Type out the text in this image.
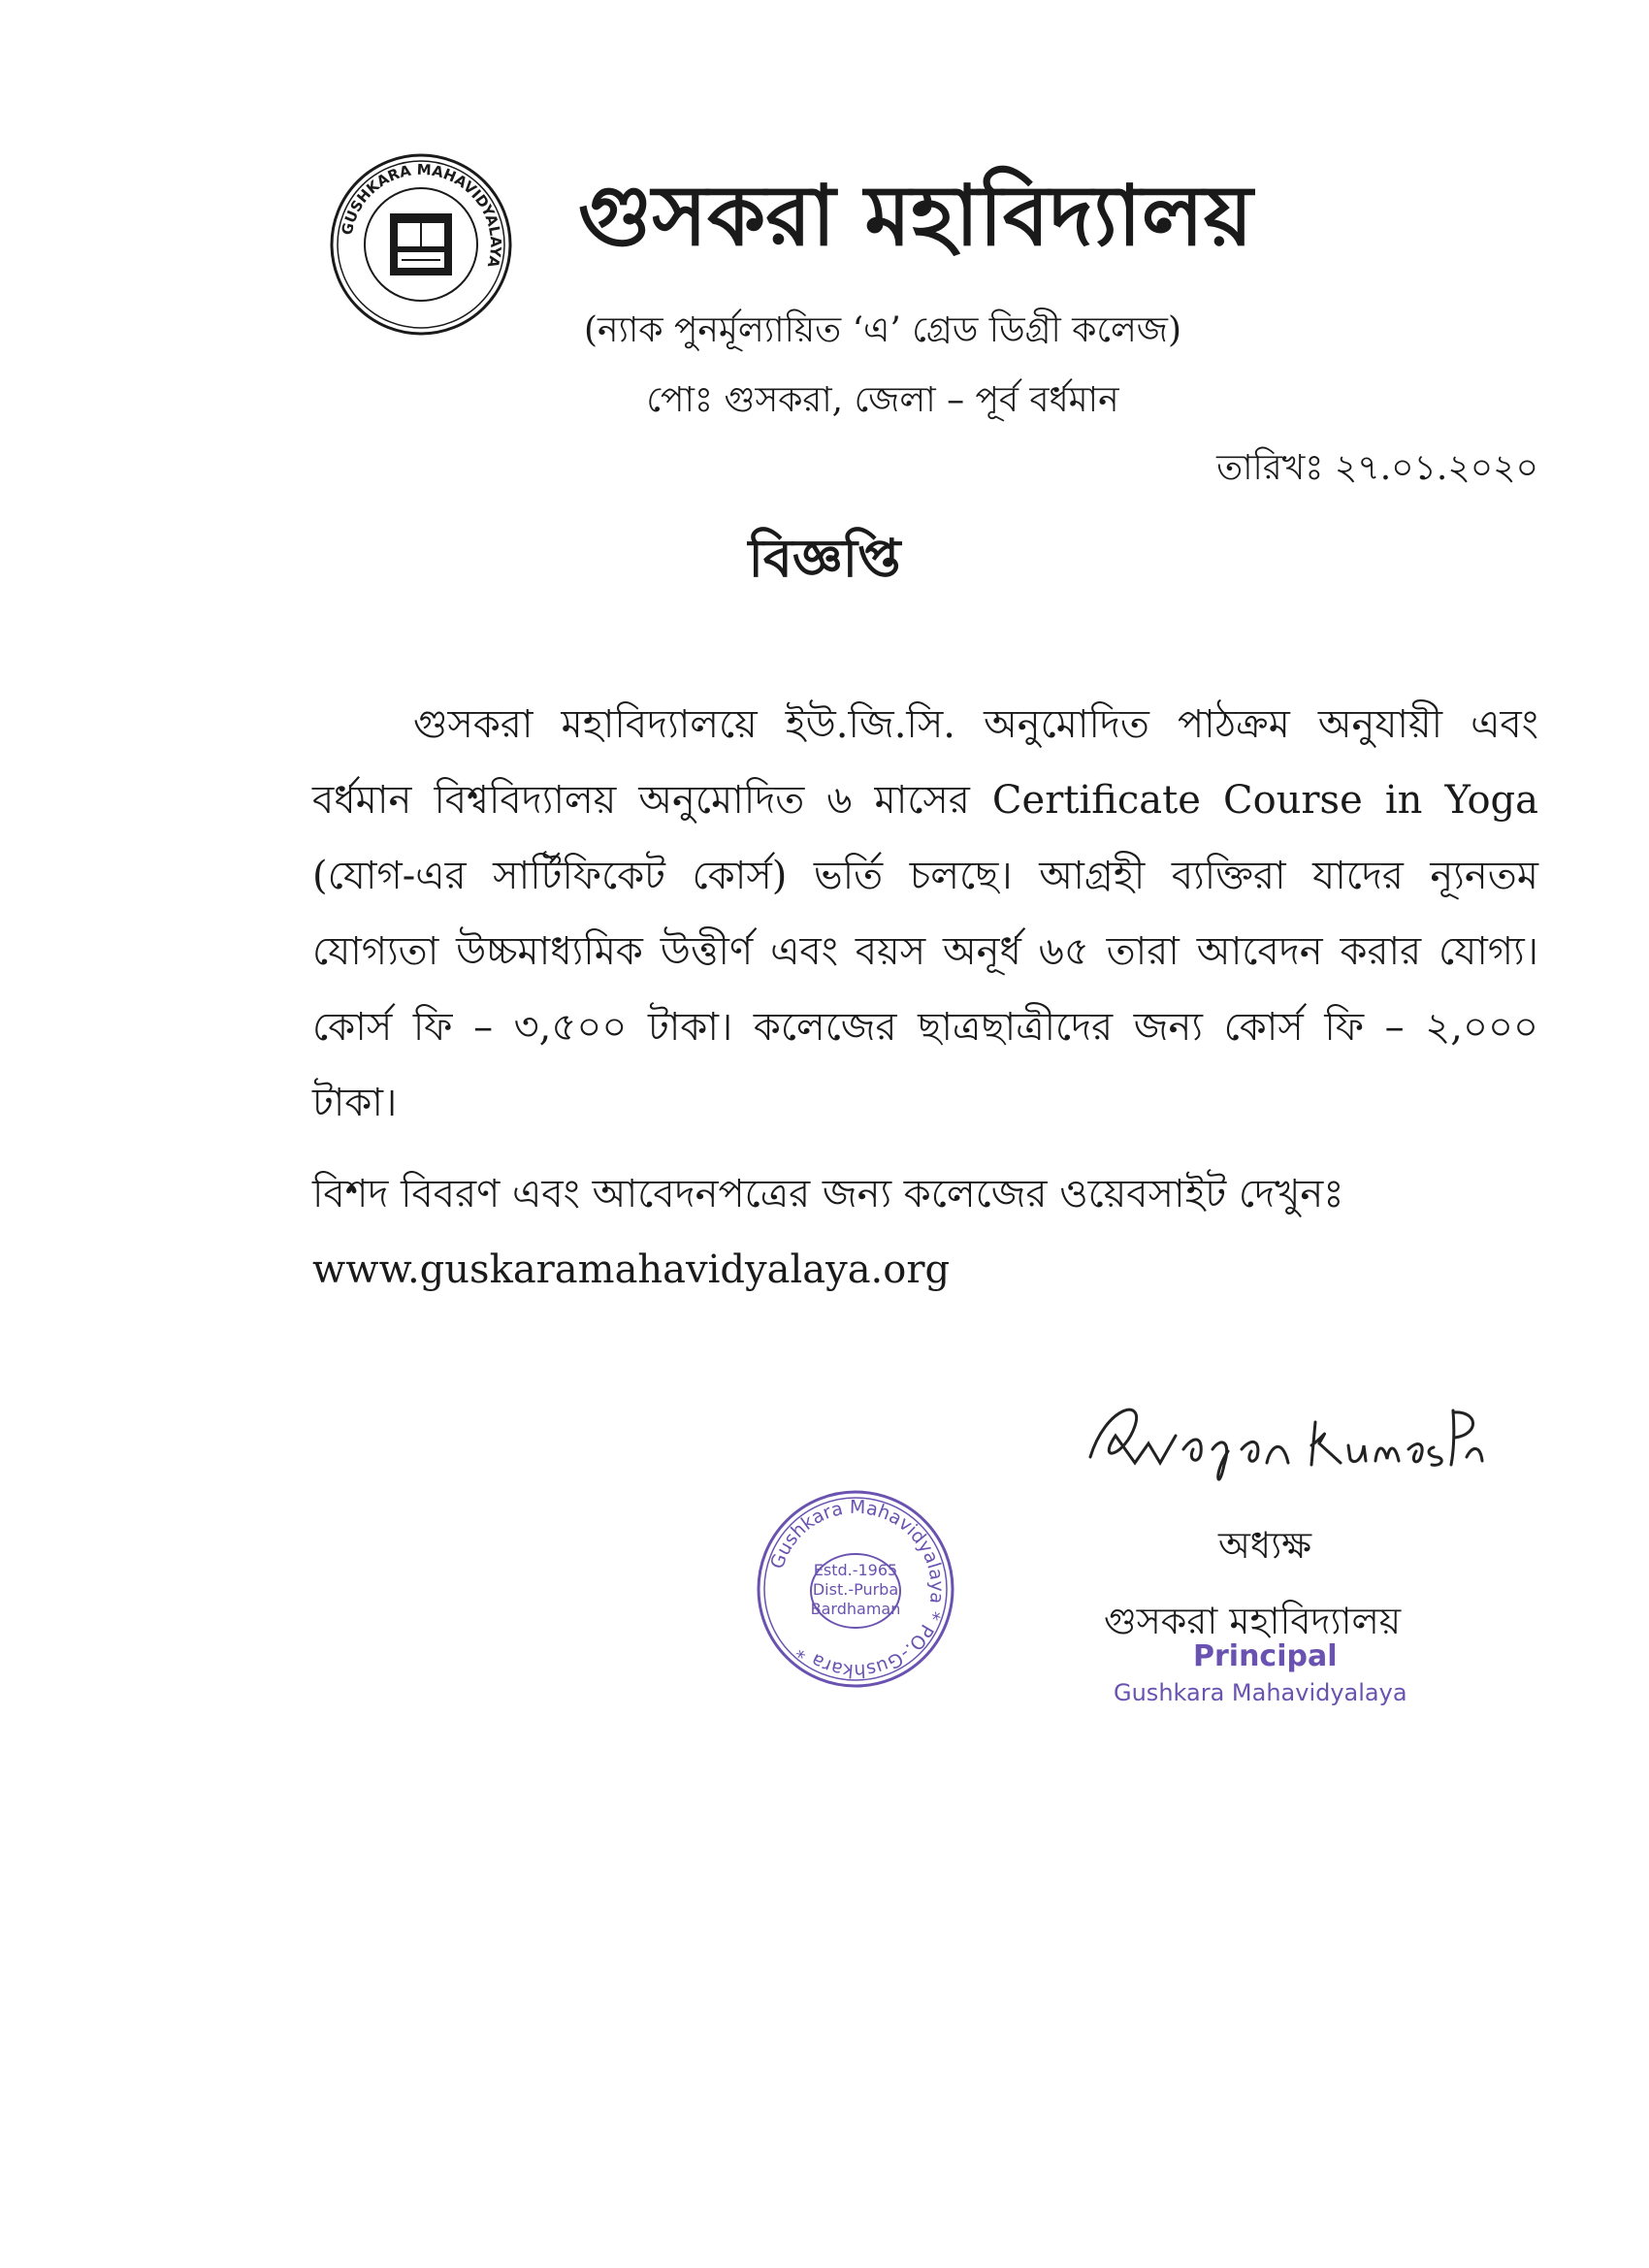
GUSHKARA MAHAVIDYALAYA গুসকরা মহাবিদ্যালয়
(ন্যাক পুনর্মূল্যায়িত ‘এ’ গ্রেড ডিগ্রী কলেজ)
পোঃ গুসকরা, জেলা – পূর্ব বর্ধমান
তারিখঃ ২৭.০১.২০২০
বিজ্ঞপ্তি
গুসকরা মহাবিদ্যালয়ে ইউ.জি.সি. অনুমোদিত পাঠক্রম অনুযায়ী এবং বর্ধমান বিশ্ববিদ্যালয় অনুমোদিত ৬ মাসের Certificate Course in Yoga (যোগ-এর সার্টিফিকেট কোর্স) ভর্তি চলছে। আগ্রহী ব্যক্তিরা যাদের ন্যূনতম যোগ্যতা উচ্চমাধ্যমিক উত্তীর্ণ এবং বয়স অনূর্ধ ৬৫ তারা আবেদন করার যোগ্য। কোর্স ফি – ৩,৫০০ টাকা। কলেজের ছাত্রছাত্রীদের জন্য কোর্স ফি – ২,০০০ টাকা।
বিশদ বিবরণ এবং আবেদনপত্রের জন্য কলেজের ওয়েবসাইট দেখুনঃ
www.guskaramahavidyalaya.org
অধ্যক্ষ
গুসকরা মহাবিদ্যালয়
Principal
Gushkara Mahavidyalaya
Gushkara Mahavidyalaya * PO.-Gushkara *
Estd.-1965
Dist.-Purba
Bardhaman
